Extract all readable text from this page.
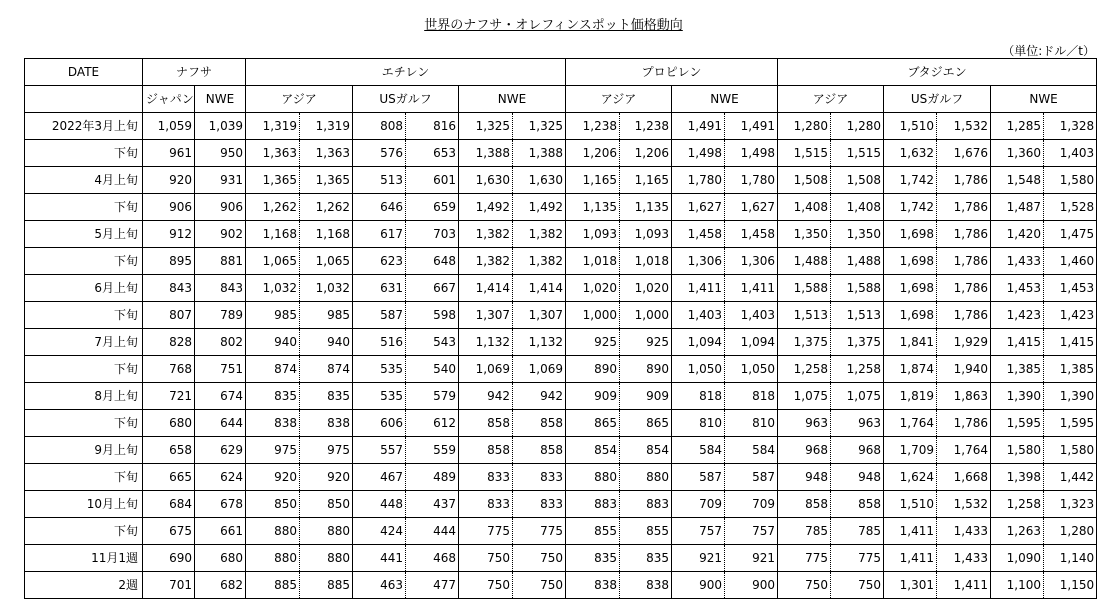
世界のナフサ・オレフィンスポット価格動向
（単位:ドル／t）
DATE	ナフサ		エチレン						プロピレン				ブタジエン					
	ジャパン	NWE	アジア		USガルフ		NWE		アジア		NWE		アジア		USガルフ		NWE	
2022年3月上旬	1,059	1,039	1,319	1,319	808	816	1,325	1,325	1,238	1,238	1,491	1,491	1,280	1,280	1,510	1,532	1,285	1,328
下旬	961	950	1,363	1,363	576	653	1,388	1,388	1,206	1,206	1,498	1,498	1,515	1,515	1,632	1,676	1,360	1,403
4月上旬	920	931	1,365	1,365	513	601	1,630	1,630	1,165	1,165	1,780	1,780	1,508	1,508	1,742	1,786	1,548	1,580
下旬	906	906	1,262	1,262	646	659	1,492	1,492	1,135	1,135	1,627	1,627	1,408	1,408	1,742	1,786	1,487	1,528
5月上旬	912	902	1,168	1,168	617	703	1,382	1,382	1,093	1,093	1,458	1,458	1,350	1,350	1,698	1,786	1,420	1,475
下旬	895	881	1,065	1,065	623	648	1,382	1,382	1,018	1,018	1,306	1,306	1,488	1,488	1,698	1,786	1,433	1,460
6月上旬	843	843	1,032	1,032	631	667	1,414	1,414	1,020	1,020	1,411	1,411	1,588	1,588	1,698	1,786	1,453	1,453
下旬	807	789	985	985	587	598	1,307	1,307	1,000	1,000	1,403	1,403	1,513	1,513	1,698	1,786	1,423	1,423
7月上旬	828	802	940	940	516	543	1,132	1,132	925	925	1,094	1,094	1,375	1,375	1,841	1,929	1,415	1,415
下旬	768	751	874	874	535	540	1,069	1,069	890	890	1,050	1,050	1,258	1,258	1,874	1,940	1,385	1,385
8月上旬	721	674	835	835	535	579	942	942	909	909	818	818	1,075	1,075	1,819	1,863	1,390	1,390
下旬	680	644	838	838	606	612	858	858	865	865	810	810	963	963	1,764	1,786	1,595	1,595
9月上旬	658	629	975	975	557	559	858	858	854	854	584	584	968	968	1,709	1,764	1,580	1,580
下旬	665	624	920	920	467	489	833	833	880	880	587	587	948	948	1,624	1,668	1,398	1,442
10月上旬	684	678	850	850	448	437	833	833	883	883	709	709	858	858	1,510	1,532	1,258	1,323
下旬	675	661	880	880	424	444	775	775	855	855	757	757	785	785	1,411	1,433	1,263	1,280
11月1週	690	680	880	880	441	468	750	750	835	835	921	921	775	775	1,411	1,433	1,090	1,140
2週	701	682	885	885	463	477	750	750	838	838	900	900	750	750	1,301	1,411	1,100	1,150
